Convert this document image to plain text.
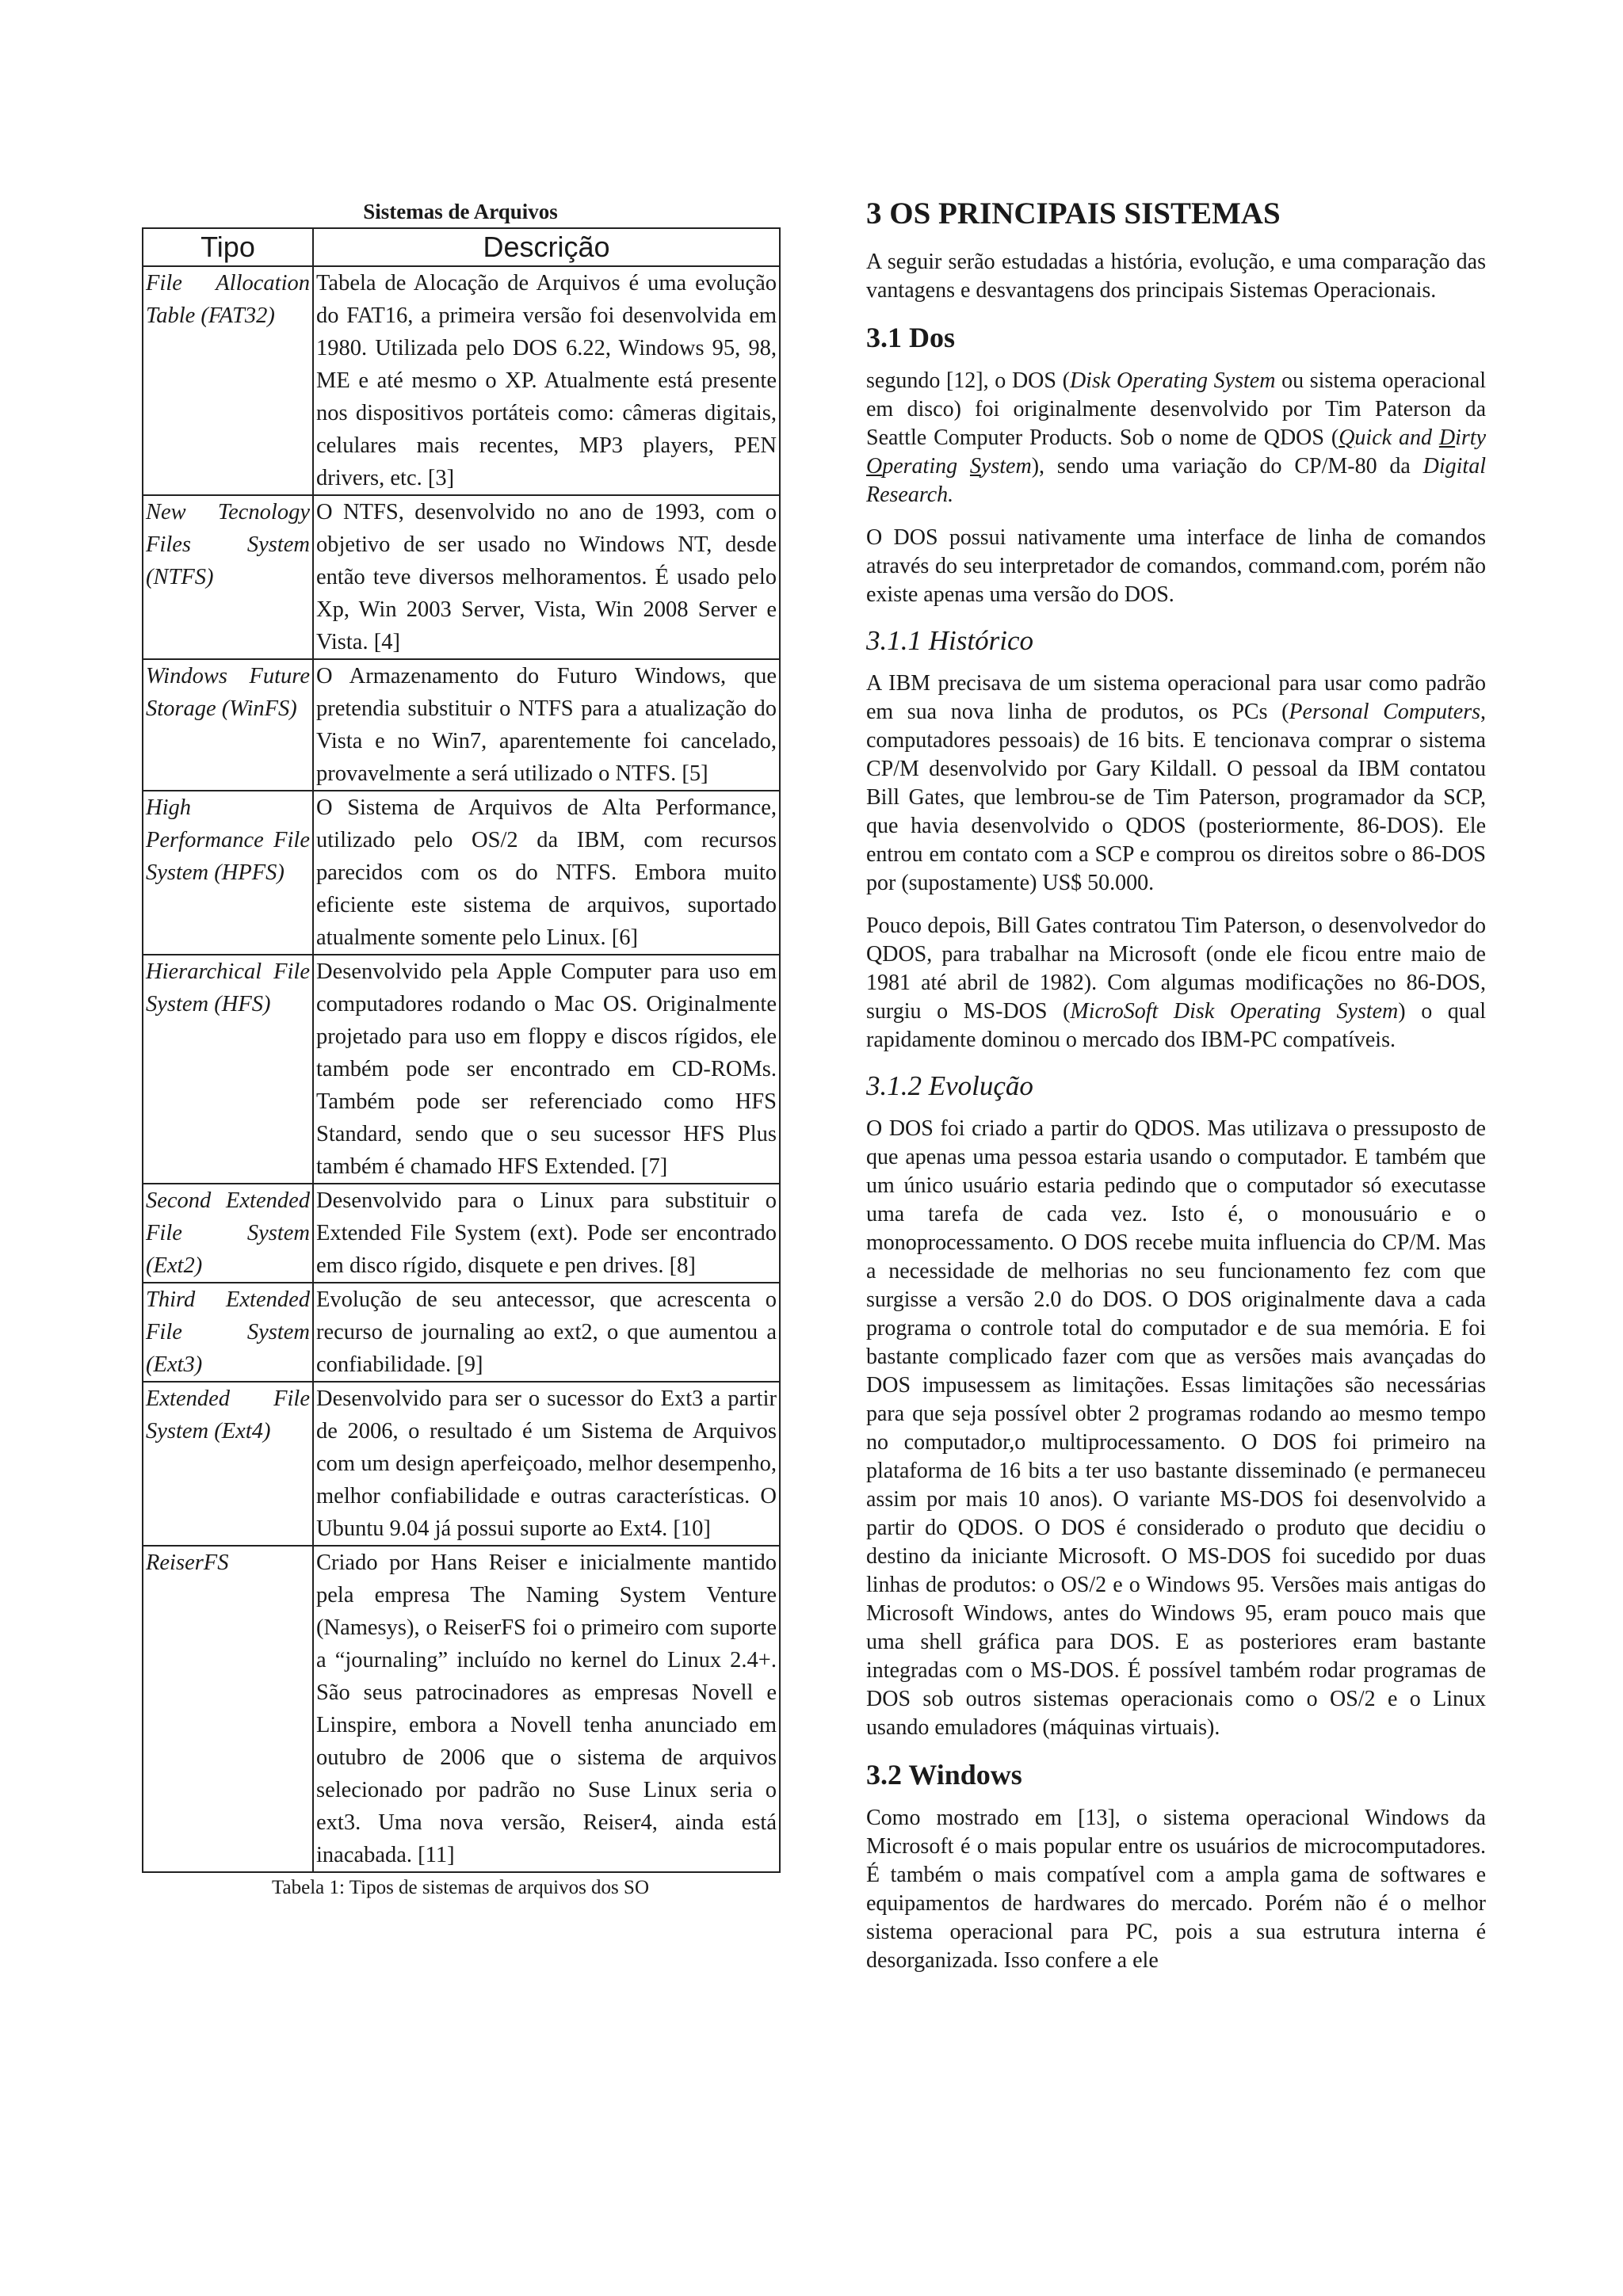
Sistemas de Arquivos
Tipo	Descrição
File Allocation Table (FAT32)	Tabela de Alocação de Arquivos é uma evolução do FAT16, a primeira versão foi desenvolvida em 1980. Utilizada pelo DOS 6.22, Windows 95, 98, ME e até mesmo o XP. Atualmente está presente nos dispositivos portáteis como: câmeras digitais, celulares mais recentes, MP3 players, PEN drivers, etc. [3]
New Tecnology Files System (NTFS)	O NTFS, desenvolvido no ano de 1993, com o objetivo de ser usado no Windows NT, desde então teve diversos melhoramentos. É usado pelo Xp, Win 2003 Server, Vista, Win 2008 Server e Vista. [4]
Windows Future Storage (WinFS)	O Armazenamento do Futuro Windows, que pretendia substituir o NTFS para a atualização do Vista e no Win7, aparentemente foi cancelado, provavelmente a será utilizado o NTFS. [5]
High Performance File System (HPFS)	O Sistema de Arquivos de Alta Performance, utilizado pelo OS/2 da IBM, com recursos parecidos com os do NTFS. Embora muito eficiente este sistema de arquivos, suportado atualmente somente pelo Linux. [6]
Hierarchical File System (HFS)	Desenvolvido pela Apple Computer para uso em computadores rodando o Mac OS. Originalmente projetado para uso em floppy e discos rígidos, ele também pode ser encontrado em CD-ROMs. Também pode ser referenciado como HFS Standard, sendo que o seu sucessor HFS Plus também é chamado HFS Extended. [7]
Second Extended File System (Ext2)	Desenvolvido para o Linux para substituir o Extended File System (ext). Pode ser encontrado em disco rígido, disquete e pen drives. [8]
Third Extended File System (Ext3)	Evolução de seu antecessor, que acrescenta o recurso de journaling ao ext2, o que aumentou a confiabilidade. [9]
Extended File System (Ext4)	Desenvolvido para ser o sucessor do Ext3 a partir de 2006, o resultado é um Sistema de Arquivos com um design aperfeiçoado, melhor desempenho, melhor confiabilidade e outras características. O Ubuntu 9.04 já possui suporte ao Ext4. [10]
ReiserFS	Criado por Hans Reiser e inicialmente mantido pela empresa The Naming System Venture (Namesys), o ReiserFS foi o primeiro com suporte a “journaling” incluído no kernel do Linux 2.4+. São seus patrocinadores as empresas Novell e Linspire, embora a Novell tenha anunciado em outubro de 2006 que o sistema de arquivos selecionado por padrão no Suse Linux seria o ext3. Uma nova versão, Reiser4, ainda está inacabada. [11]
Tabela 1: Tipos de sistemas de arquivos dos SO
3 OS PRINCIPAIS SISTEMAS

A seguir serão estudadas a história, evolução, e uma comparação das vantagens e desvantagens dos principais Sistemas Operacionais.

3.1 Dos

segundo [12], o DOS (Disk Operating System ou sistema operacional em disco) foi originalmente desenvolvido por Tim Paterson da Seattle Computer Products. Sob o nome de QDOS (Quick and Dirty Operating System), sendo uma variação do CP/M-80 da Digital Research.

O DOS possui nativamente uma interface de linha de comandos através do seu interpretador de comandos, command.com, porém não existe apenas uma versão do DOS.

3.1.1 Histórico

A IBM precisava de um sistema operacional para usar como padrão em sua nova linha de produtos, os PCs (Personal Computers, computadores pessoais) de 16 bits. E tencionava comprar o sistema CP/M desenvolvido por Gary Kildall. O pessoal da IBM contatou Bill Gates, que lembrou-se de Tim Paterson, programador da SCP, que havia desenvolvido o QDOS (posteriormente, 86-DOS). Ele entrou em contato com a SCP e comprou os direitos sobre o 86-DOS por (supostamente) US$ 50.000.

Pouco depois, Bill Gates contratou Tim Paterson, o desenvolvedor do QDOS, para trabalhar na Microsoft (onde ele ficou entre maio de 1981 até abril de 1982). Com algumas modificações no 86-DOS, surgiu o MS-DOS (MicroSoft Disk Operating System) o qual rapidamente dominou o mercado dos IBM-PC compatíveis.

3.1.2 Evolução

O DOS foi criado a partir do QDOS. Mas utilizava o pressuposto de que apenas uma pessoa estaria usando o computador. E também que um único usuário estaria pedindo que o computador só executasse uma tarefa de cada vez. Isto é, o monousuário e o monoprocessamento. O DOS recebe muita influencia do CP/M. Mas a necessidade de melhorias no seu funcionamento fez com que surgisse a versão 2.0 do DOS. O DOS originalmente dava a cada programa o controle total do computador e de sua memória. E foi bastante complicado fazer com que as versões mais avançadas do DOS impusessem as limitações. Essas limitações são necessárias para que seja possível obter 2 programas rodando ao mesmo tempo no computador,o multiprocessamento. O DOS foi primeiro na plataforma de 16 bits a ter uso bastante disseminado (e permaneceu assim por mais 10 anos). O variante MS-DOS foi desenvolvido a partir do QDOS. O DOS é considerado o produto que decidiu o destino da iniciante Microsoft. O MS-DOS foi sucedido por duas linhas de produtos: o OS/2 e o Windows 95. Versões mais antigas do Microsoft Windows, antes do Windows 95, eram pouco mais que uma shell gráfica para DOS. E as posteriores eram bastante integradas com o MS-DOS. É possível também rodar programas de DOS sob outros sistemas operacionais como o OS/2 e o Linux usando emuladores (máquinas virtuais).

3.2 Windows

Como mostrado em [13], o sistema operacional Windows da Microsoft é o mais popular entre os usuários de microcomputadores. É também o mais compatível com a ampla gama de softwares e equipamentos de hardwares do mercado. Porém não é o melhor sistema operacional para PC, pois a sua estrutura interna é desorganizada. Isso confere a ele
